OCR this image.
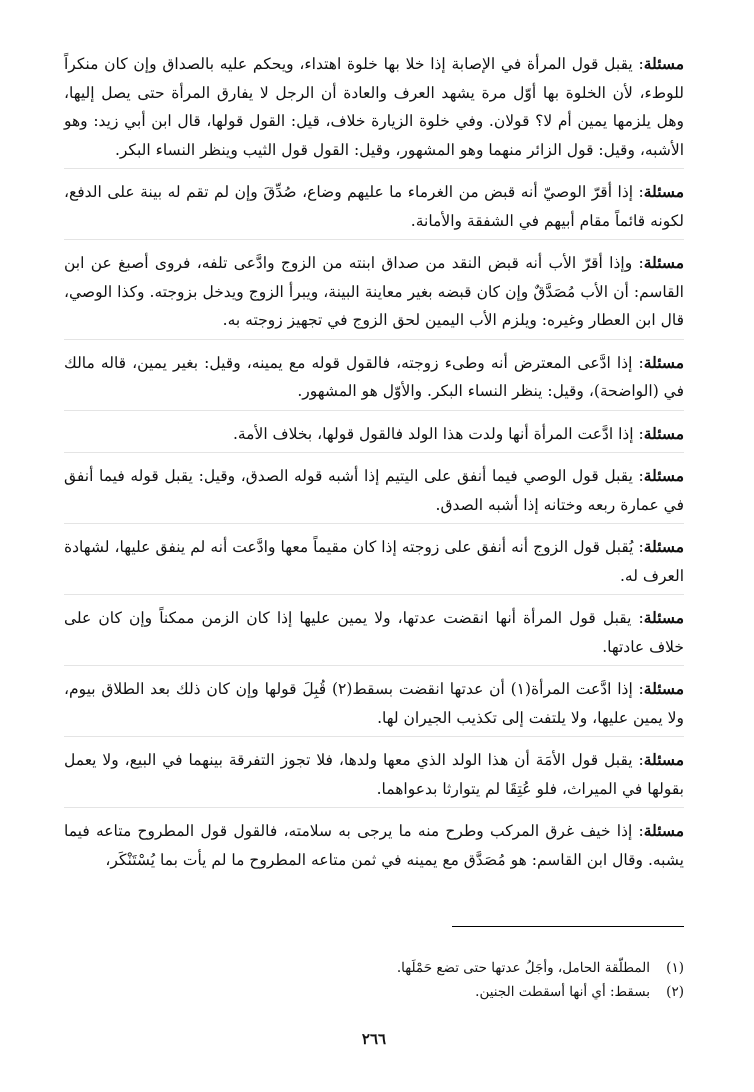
مسئلة: يقبل قول المرأة في الإصابة إذا خلا بها خلوة اهتداء، ويحكم عليه بالصداق وإن كان منكراً للوطء، لأن الخلوة بها أوّل مرة يشهد العرف والعادة أن الرجل لا يفارق المرأة حتى يصل إليها، وهل يلزمها يمين أم لا؟ قولان. وفي خلوة الزيارة خلاف، قيل: القول قولها، قال ابن أبي زيد: وهو الأشبه، وقيل: قول الزائر منهما وهو المشهور، وقيل: القول قول الثيب وينظر النساء البكر.

مسئلة: إذا أقرّ الوصيّ أنه قبض من الغرماء ما عليهم وضاع، صُدِّقَ وإن لم تقم له بينة على الدفع، لكونه قائماً مقام أبيهم في الشفقة والأمانة.

مسئلة: وإذا أقرّ الأب أنه قبض النقد من صداق ابنته من الزوج وادَّعى تلفه، فروى أصبغ عن ابن القاسم: أن الأب مُصَدَّقٌ وإن كان قبضه بغير معاينة البينة، ويبرأ الزوج ويدخل بزوجته. وكذا الوصي، قال ابن العطار وغيره: ويلزم الأب اليمين لحق الزوج في تجهيز زوجته به.

مسئلة: إذا ادَّعى المعترض أنه وطىء زوجته، فالقول قوله مع يمينه، وقيل: بغير يمين، قاله مالك في (الواضحة)، وقيل: ينظر النساء البكر. والأوّل هو المشهور.

مسئلة: إذا ادَّعت المرأة أنها ولدت هذا الولد فالقول قولها، بخلاف الأمة.

مسئلة: يقبل قول الوصي فيما أنفق على اليتيم إذا أشبه قوله الصدق، وقيل: يقبل قوله فيما أنفق في عمارة ربعه وختانه إذا أشبه الصدق.

مسئلة: يُقبل قول الزوج أنه أنفق على زوجته إذا كان مقيماً معها وادَّعت أنه لم ينفق عليها، لشهادة العرف له.

مسئلة: يقبل قول المرأة أنها انقضت عدتها، ولا يمين عليها إذا كان الزمن ممكناً وإن كان على خلاف عادتها.

مسئلة: إذا ادَّعت المرأة(١) أن عدتها انقضت بسقط(٢) قُبِلَ قولها وإن كان ذلك بعد الطلاق بيوم، ولا يمين عليها، ولا يلتفت إلى تكذيب الجيران لها.

مسئلة: يقبل قول الأمَة أن هذا الولد الذي معها ولدها، فلا تجوز التفرقة بينهما في البيع، ولا يعمل بقولها في الميراث، فلو عُتِقَا لم يتوارثا بدعواهما.

مسئلة: إذا خيف غرق المركب وطرح منه ما يرجى به سلامته، فالقول قول المطروح متاعه فيما يشبه. وقال ابن القاسم: هو مُصَدَّق مع يمينه في ثمن متاعه المطروح ما لم يأت بما يُسْتَنْكَر،

(١)المطلّقة الحامل، وأجَلُ عدتها حتى تضع حَمْلَها.
(٢)بسقط: أي أنها أسقطت الجنين.
٢٦٦
